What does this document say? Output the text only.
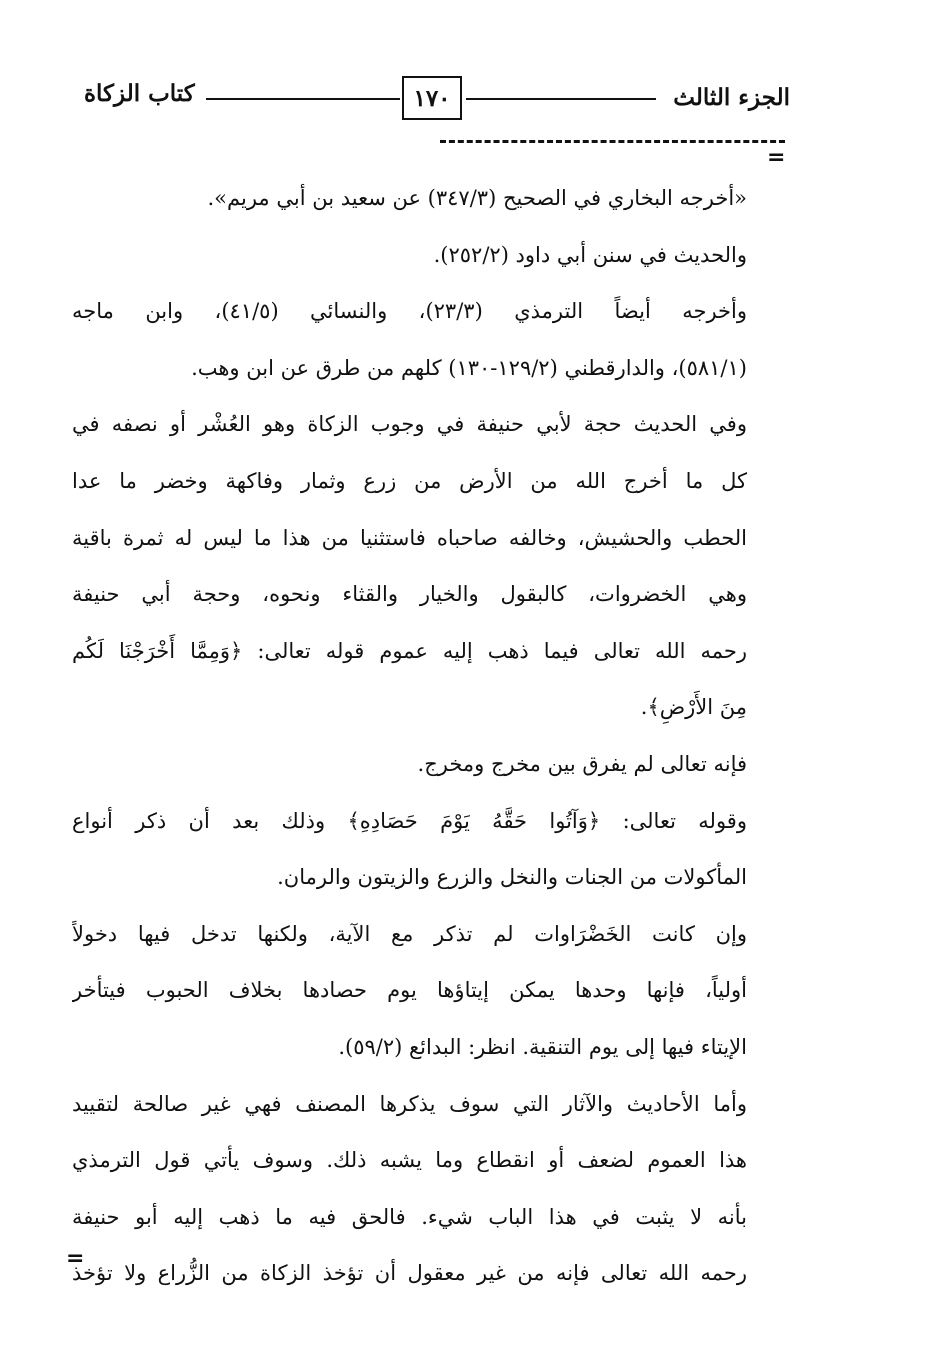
الجزء الثالث
١٧٠
كتاب الزكاة
=
«أخرجه البخاري في الصحيح (٣٤٧/٣) عن سعيد بن أبي مريم».
والحديث في سنن أبي داود (٢٥٢/٢).
وأخرجه أيضاً الترمذي (٢٣/٣)، والنسائي (٤١/٥)، وابن ماجه
(٥٨١/١)، والدارقطني (١٢٩/٢-١٣٠) كلهم من طرق عن ابن وهب.
وفي الحديث حجة لأبي حنيفة في وجوب الزكاة وهو العُشْر أو نصفه في
كل ما أخرج الله من الأرض من زرع وثمار وفاكهة وخضر ما عدا
الحطب والحشيش، وخالفه صاحباه فاستثنيا من هذا ما ليس له ثمرة باقية
وهي الخضروات، كالبقول والخيار والقثاء ونحوه، وحجة أبي حنيفة
رحمه الله تعالى فيما ذهب إليه عموم قوله تعالى: ﴿وَمِمَّا أَخْرَجْنَا لَكُم
مِنَ الأَرْضِ﴾.
فإنه تعالى لم يفرق بين مخرج ومخرج.
وقوله تعالى: ﴿وَآتُوا حَقَّهُ يَوْمَ حَصَادِهِ﴾ وذلك بعد أن ذكر أنواع
المأكولات من الجنات والنخل والزرع والزيتون والرمان.
وإن كانت الخَضْرَاوات لم تذكر مع الآية، ولكنها تدخل فيها دخولاً
أولياً، فإنها وحدها يمكن إيتاؤها يوم حصادها بخلاف الحبوب فيتأخر
الإيتاء فيها إلى يوم التنقية. انظر: البدائع (٥٩/٢).
وأما الأحاديث والآثار التي سوف يذكرها المصنف فهي غير صالحة لتقييد
هذا العموم لضعف أو انقطاع وما يشبه ذلك. وسوف يأتي قول الترمذي
بأنه لا يثبت في هذا الباب شيء. فالحق فيه ما ذهب إليه أبو حنيفة
رحمه الله تعالى فإنه من غير معقول أن تؤخذ الزكاة من الزُّراع ولا تؤخذ
=
